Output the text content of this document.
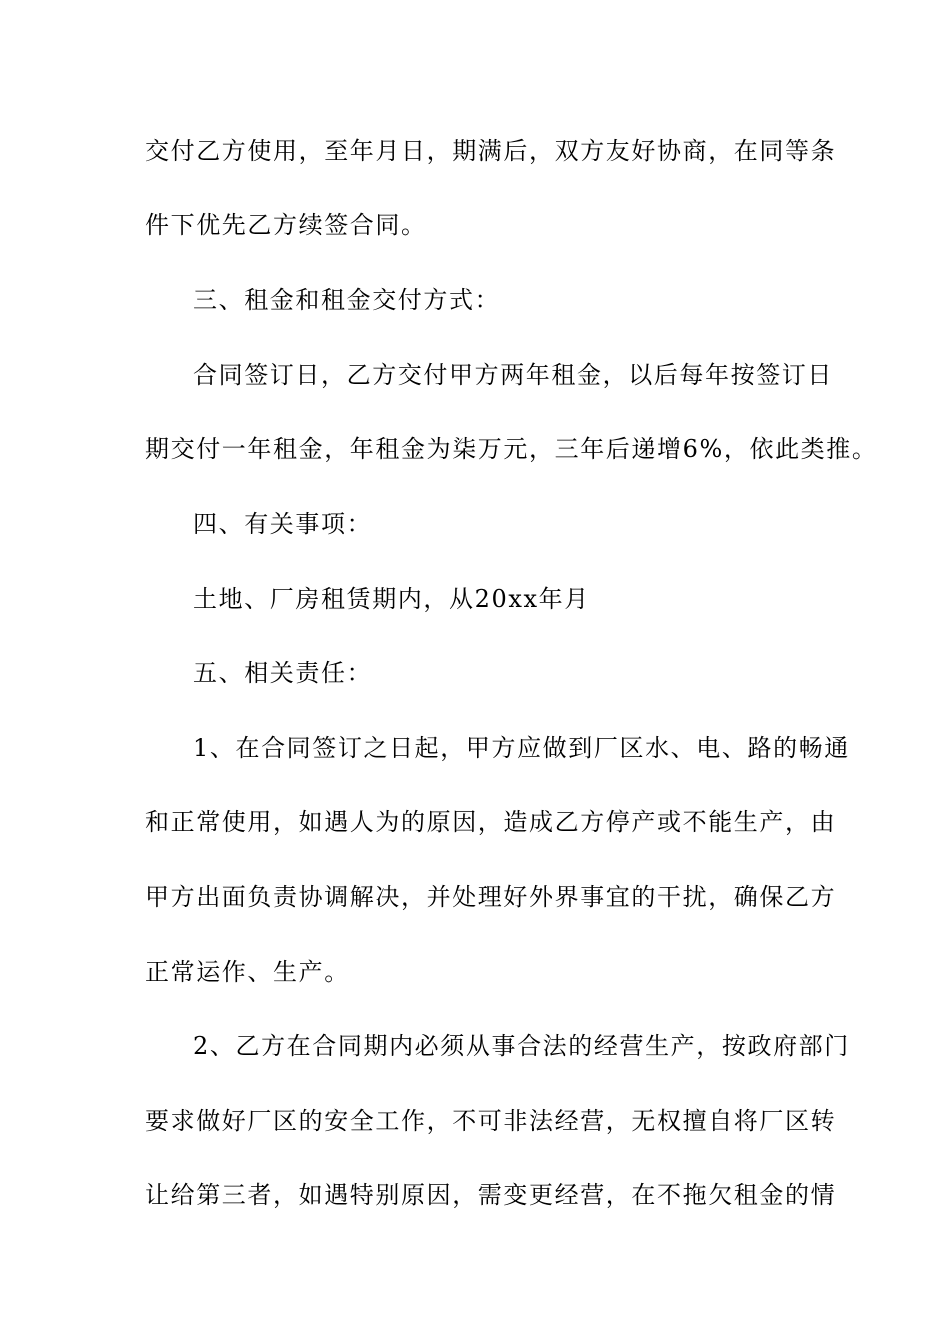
交付乙方使用，至年月日，期满后，双方友好协商，在同等条
件下优先乙方续签合同。
三、租金和租金交付方式：
合同签订日，乙方交付甲方两年租金，以后每年按签订日
期交付一年租金，年租金为柒万元，三年后递增6%，依此类推。
四、有关事项：
土地、厂房租赁期内，从20xx年月
五、相关责任：
1、在合同签订之日起，甲方应做到厂区水、电、路的畅通
和正常使用，如遇人为的原因，造成乙方停产或不能生产，由
甲方出面负责协调解决，并处理好外界事宜的干扰，确保乙方
正常运作、生产。
2、乙方在合同期内必须从事合法的经营生产，按政府部门
要求做好厂区的安全工作，不可非法经营，无权擅自将厂区转
让给第三者，如遇特别原因，需变更经营，在不拖欠租金的情
